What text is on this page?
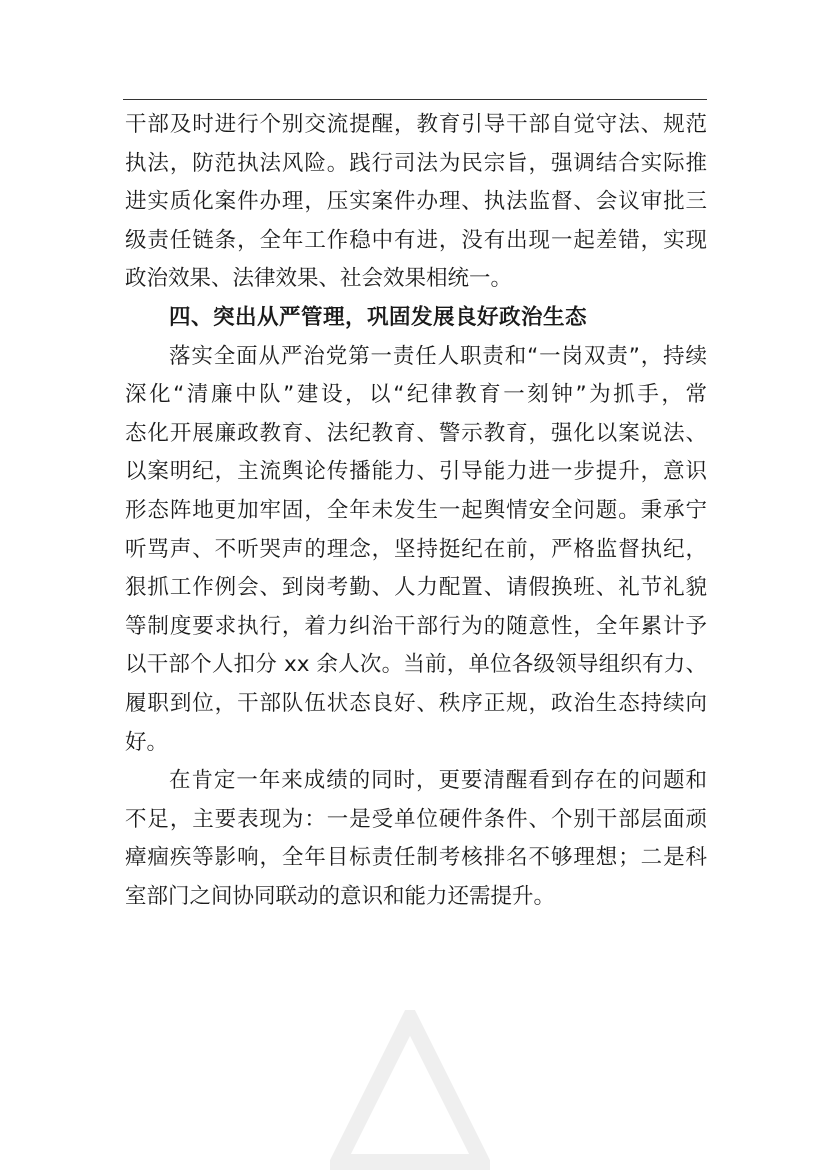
干部及时进行个别交流提醒，教育引导干部自觉守法、规范
执法，防范执法风险。践行司法为民宗旨，强调结合实际推
进实质化案件办理，压实案件办理、执法监督、会议审批三
级责任链条，全年工作稳中有进，没有出现一起差错，实现
政治效果、法律效果、社会效果相统一。
四、突出从严管理，巩固发展良好政治生态
落实全面从严治党第一责任人职责和“一岗双责”，持续
深化“清廉中队”建设，以“纪律教育一刻钟”为抓手，常
态化开展廉政教育、法纪教育、警示教育，强化以案说法、
以案明纪，主流舆论传播能力、引导能力进一步提升，意识
形态阵地更加牢固，全年未发生一起舆情安全问题。秉承宁
听骂声、不听哭声的理念，坚持挺纪在前，严格监督执纪，
狠抓工作例会、到岗考勤、人力配置、请假换班、礼节礼貌
等制度要求执行，着力纠治干部行为的随意性，全年累计予
以干部个人扣分 xx 余人次。当前，单位各级领导组织有力、
履职到位，干部队伍状态良好、秩序正规，政治生态持续向
好。
在肯定一年来成绩的同时，更要清醒看到存在的问题和
不足，主要表现为：一是受单位硬件条件、个别干部层面顽
瘴痼疾等影响，全年目标责任制考核排名不够理想；二是科
室部门之间协同联动的意识和能力还需提升。
